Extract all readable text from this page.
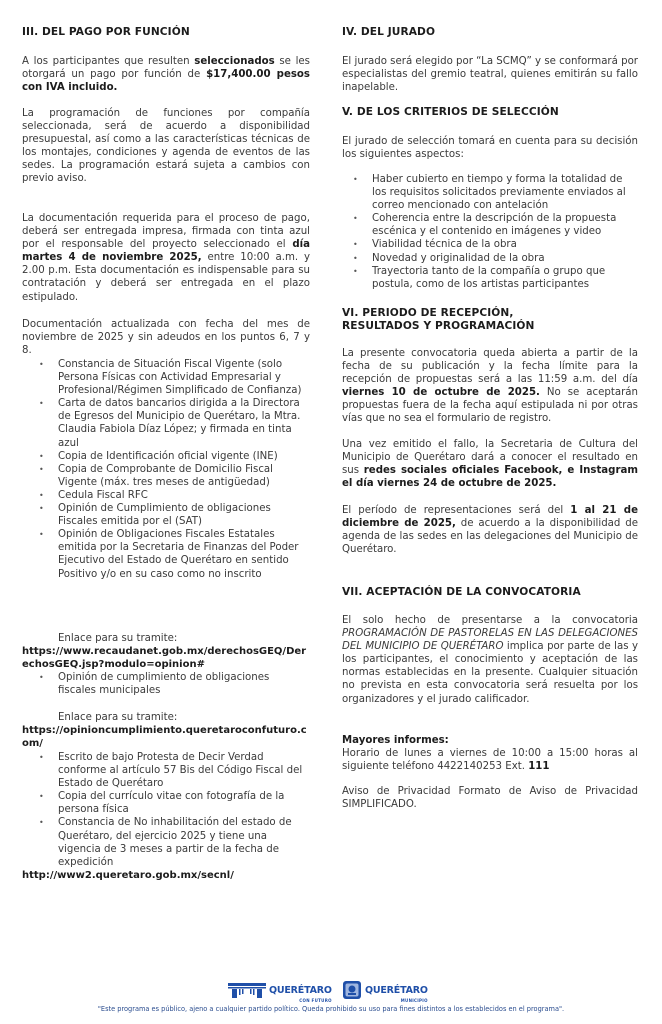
III. DEL PAGO POR FUNCIÓN

A los participantes que resulten seleccionados se les otorgará un pago por función de $17,400.00 pesos con IVA incluido.

La programación de funciones por compañía seleccionada, será de acuerdo a disponibilidad presupuestal, así como a las características técnicas de los montajes, condiciones y agenda de eventos de las sedes. La programación estará sujeta a cambios con previo aviso.

La documentación requerida para el proceso de pago, deberá ser entregada impresa, firmada con tinta azul por el responsable del proyecto seleccionado el día martes 4 de noviembre 2025, entre 10:00 a.m. y 2.00 p.m. Esta documentación es indispensable para su contratación y deberá ser entregada en el plazo estipulado.

Documentación actualizada con fecha del mes de noviembre de 2025 y sin adeudos en los puntos 6, 7 y 8.

• Constancia de Situación Fiscal Vigente (solo Persona Físicas con Actividad Empresarial y Profesional/Régimen Simplificado de Confianza)
• Carta de datos bancarios dirigida a la Directora de Egresos del Municipio de Querétaro, la Mtra. Claudia Fabiola Díaz López; y firmada en tinta azul
• Copia de Identificación oficial vigente (INE)
• Copia de Comprobante de Domicilio Fiscal Vigente (máx. tres meses de antigüedad)
• Cedula Fiscal RFC
• Opinión de Cumplimiento de obligaciones Fiscales emitida por el (SAT)
• Opinión de Obligaciones Fiscales Estatales emitida por la Secretaria de Finanzas del Poder Ejecutivo del Estado de Querétaro en sentido Positivo y/o en su caso como no inscrito
Enlace para su tramite:
https://www.recaudanet.gob.mx/derechosGEQ/DerechosGEQ.jsp?modulo=opinion#
• Opinión de cumplimiento de obligaciones fiscales municipales
Enlace para su tramite:
https://opinioncumplimiento.queretaroconfuturo.com/
• Escrito de bajo Protesta de Decir Verdad conforme al artículo 57 Bis del Código Fiscal del Estado de Querétaro
• Copia del currículo vitae con fotografía de la persona física
• Constancia de No inhabilitación del estado de Querétaro, del ejercicio 2025 y tiene una vigencia de 3 meses a partir de la fecha de expedición
http://www2.queretaro.gob.mx/secnl/
IV. DEL JURADO

El jurado será elegido por “La SCMQ” y se conformará por especialistas del gremio teatral, quienes emitirán su fallo inapelable.

V. DE LOS CRITERIOS DE SELECCIÓN

El jurado de selección tomará en cuenta para su decisión los siguientes aspectos:

• Haber cubierto en tiempo y forma la totalidad de los requisitos solicitados previamente enviados al correo mencionado con antelación
• Coherencia entre la descripción de la propuesta escénica y el contenido en imágenes y video
• Viabilidad técnica de la obra
• Novedad y originalidad de la obra
• Trayectoria tanto de la compañía o grupo que postula, como de los artistas participantes
VI. PERIODO DE RECEPCIÓN, RESULTADOS Y PROGRAMACIÓN

La presente convocatoria queda abierta a partir de la fecha de su publicación y la fecha límite para la recepción de propuestas será a las 11:59 a.m. del día viernes 10 de octubre de 2025. No se aceptarán propuestas fuera de la fecha aquí estipulada ni por otras vías que no sea el formulario de registro.

Una vez emitido el fallo, la Secretaria de Cultura del Municipio de Querétaro dará a conocer el resultado en sus redes sociales oficiales Facebook, e Instagram el día viernes 24 de octubre de 2025.

El período de representaciones será del 1 al 21 de diciembre de 2025, de acuerdo a la disponibilidad de agenda de las sedes en las delegaciones del Municipio de Querétaro.

VII. ACEPTACIÓN DE LA CONVOCATORIA

El solo hecho de presentarse a la convocatoria PROGRAMACIÓN DE PASTORELAS EN LAS DELEGACIONES DEL MUNICIPIO DE QUERÉTARO implica por parte de las y los participantes, el conocimiento y aceptación de las normas establecidas en la presente. Cualquier situación no prevista en esta convocatoria será resuelta por los organizadores y el jurado calificador.

Mayores informes:

Horario de lunes a viernes de 10:00 a 15:00 horas al siguiente teléfono 4422140253 Ext. 111

Aviso de Privacidad Formato de Aviso de Privacidad SIMPLIFICADO.

QUERÉTARO
CON FUTURO
QUERÉTARO
MUNICIPIO
"Este programa es público, ajeno a cualquier partido político. Queda prohibido su uso para fines distintos a los establecidos en el programa".
